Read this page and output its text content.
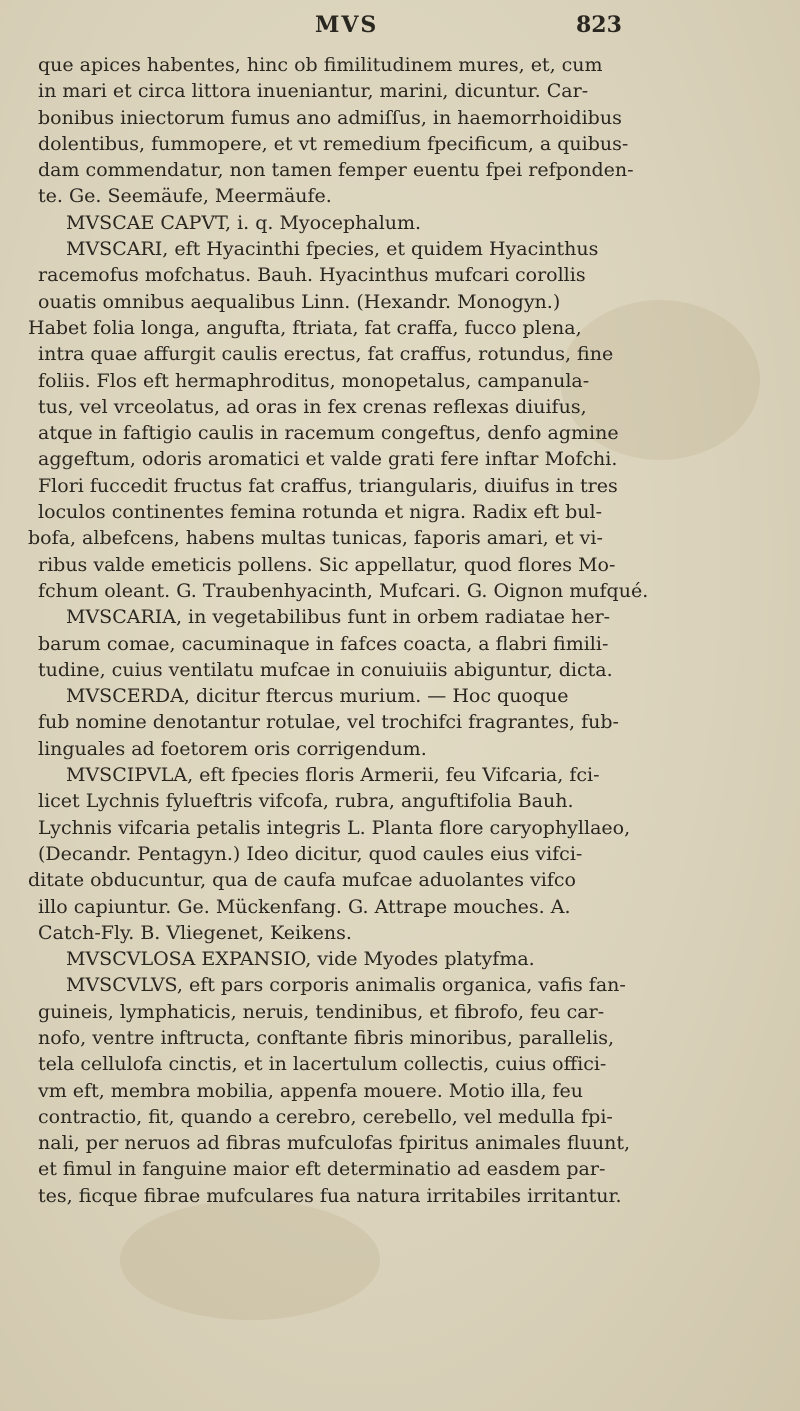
MVS	823
que apices habentes, hinc ob fimilitudinem mures, et, cum
in mari et circa littora inueniantur, marini, dicuntur. Car-
bonibus iniectorum fumus ano admiſſus, in haemorrhoidibus
dolentibus, fummopere, et vt remedium fpecificum, a quibus-
dam commendatur, non tamen femper euentu fpei refponden-
te. Ge. Seemäufe, Meermäufe.
MVSCAE CAPVT, i. q. Myocephalum.
MVSCARI, eft Hyacinthi fpecies, et quidem Hyacinthus
racemofus mofchatus. Bauh. Hyacinthus mufcari corollis
ouatis omnibus aequalibus Linn. (Hexandr. Monogyn.)
Habet folia longa, angufta, ftriata, fat craffa, fucco plena,
intra quae affurgit caulis erectus, fat craffus, rotundus, fine
foliis. Flos eft hermaphroditus, monopetalus, campanula-
tus, vel vrceolatus, ad oras in fex crenas reflexas diuifus,
atque in faftigio caulis in racemum congeftus, denfo agmine
aggeftum, odoris aromatici et valde grati fere inftar Mofchi.
Flori fuccedit fructus fat craffus, triangularis, diuifus in tres
loculos continentes femina rotunda et nigra. Radix eft bul-
bofa, albefcens, habens multas tunicas, faporis amari, et vi-
ribus valde emeticis pollens. Sic appellatur, quod flores Mo-
fchum oleant. G. Traubenhyacinth, Mufcari. G. Oignon mufqué.
MVSCARIA, in vegetabilibus funt in orbem radiatae her-
barum comae, cacuminaque in fafces coacta, a flabri fimili-
tudine, cuius ventilatu mufcae in conuiuiis abiguntur, dicta.
MVSCERDA, dicitur ftercus murium. — Hoc quoque
fub nomine denotantur rotulae, vel trochifci fragrantes, fub-
linguales ad foetorem oris corrigendum.
MVSCIPVLA, eft fpecies floris Armerii, feu Vifcaria, fci-
licet Lychnis fylueftris vifcofa, rubra, anguftifolia Bauh.
Lychnis vifcaria petalis integris L. Planta flore caryophyllaeo,
(Decandr. Pentagyn.) Ideo dicitur, quod caules eius vifci-
ditate obducuntur, qua de caufa mufcae aduolantes vifco
illo capiuntur. Ge. Mückenfang. G. Attrape mouches. A.
Catch-Fly. B. Vliegenet, Keikens.
MVSCVLOSA EXPANSIO, vide Myodes platyfma.
MVSCVLVS, eft pars corporis animalis organica, vafis fan-
guineis, lymphaticis, neruis, tendinibus, et fibrofo, feu car-
nofo, ventre inftructa, conftante fibris minoribus, parallelis,
tela cellulofa cinctis, et in lacertulum collectis, cuius offici-
vm eft, membra mobilia, appenfa mouere. Motio illa, feu
contractio, fit, quando a cerebro, cerebello, vel medulla fpi-
nali, per neruos ad fibras mufculofas fpiritus animales fluunt,
et fimul in fanguine maior eft determinatio ad easdem par-
tes, ficque fibrae mufculares fua natura irritabiles irritantur.
